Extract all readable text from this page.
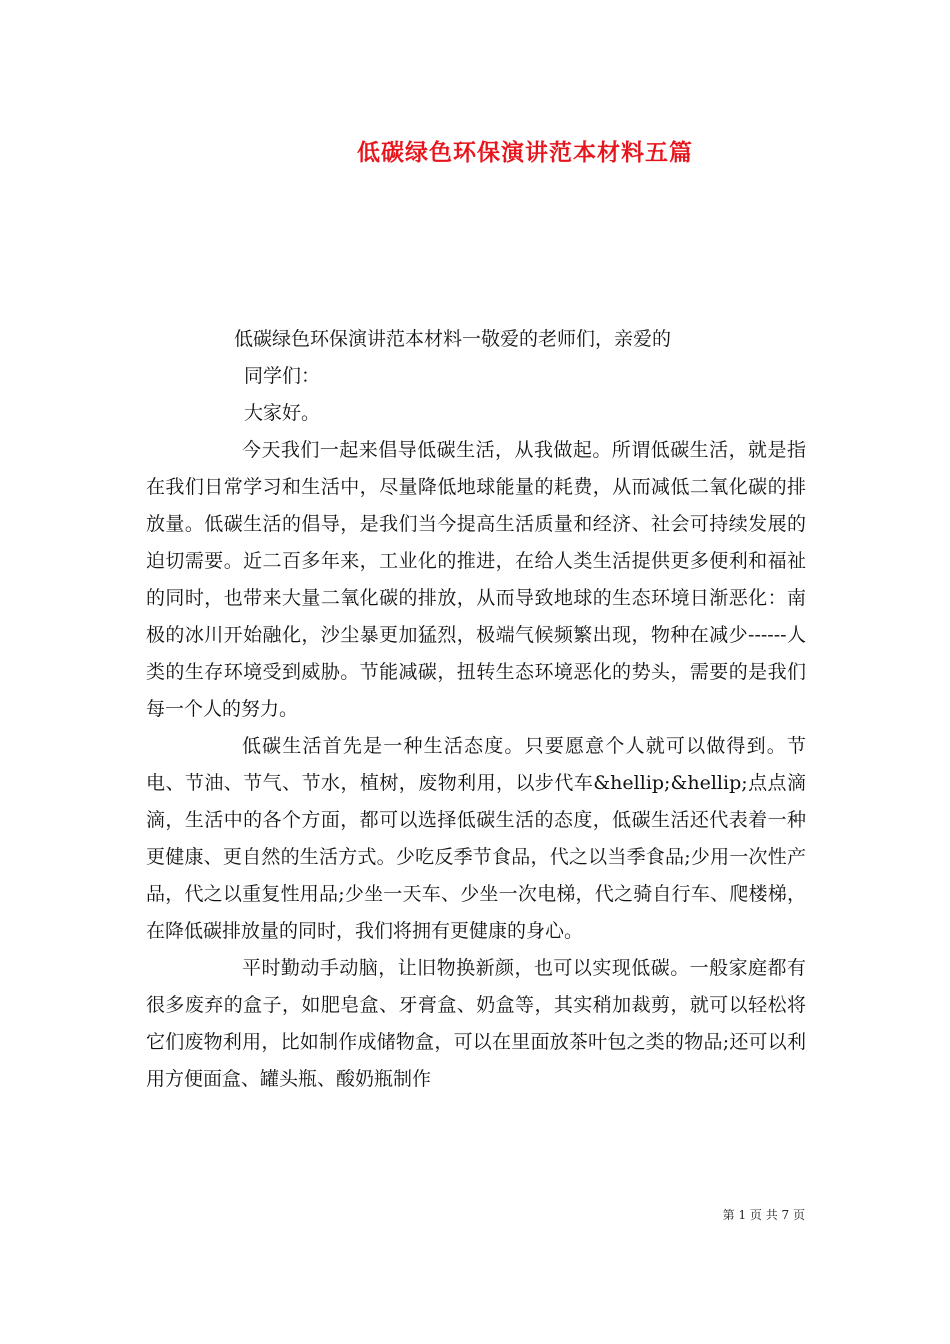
低碳绿色环保演讲范本材料五篇

低碳绿色环保演讲范本材料一敬爱的老师们，亲爱的

同学们：

大家好。

今天我们一起来倡导低碳生活，从我做起。所谓低碳生活，就是指在我们日常学习和生活中，尽量降低地球能量的耗费，从而减低二氧化碳的排放量。低碳生活的倡导，是我们当今提高生活质量和经济、社会可持续发展的迫切需要。近二百多年来，工业化的推进，在给人类生活提供更多便利和福祉的同时，也带来大量二氧化碳的排放，从而导致地球的生态环境日渐恶化：南极的冰川开始融化，沙尘暴更加猛烈，极端气候频繁出现，物种在减少------人类的生存环境受到威胁。节能减碳，扭转生态环境恶化的势头，需要的是我们每一个人的努力。

低碳生活首先是一种生活态度。只要愿意个人就可以做得到。节电、节油、节气、节水，植树，废物利用，以步代车&hellip;&hellip;点点滴滴，生活中的各个方面，都可以选择低碳生活的态度，低碳生活还代表着一种更健康、更自然的生活方式。少吃反季节食品，代之以当季食品;少用一次性产品，代之以重复性用品;少坐一天车、少坐一次电梯，代之骑自行车、爬楼梯，在降低碳排放量的同时，我们将拥有更健康的身心。

平时勤动手动脑，让旧物换新颜，也可以实现低碳。一般家庭都有很多废弃的盒子，如肥皂盒、牙膏盒、奶盒等，其实稍加裁剪，就可以轻松将它们废物利用，比如制作成储物盒，可以在里面放茶叶包之类的物品;还可以利用方便面盒、罐头瓶、酸奶瓶制作

第 1 页 共 7 页
